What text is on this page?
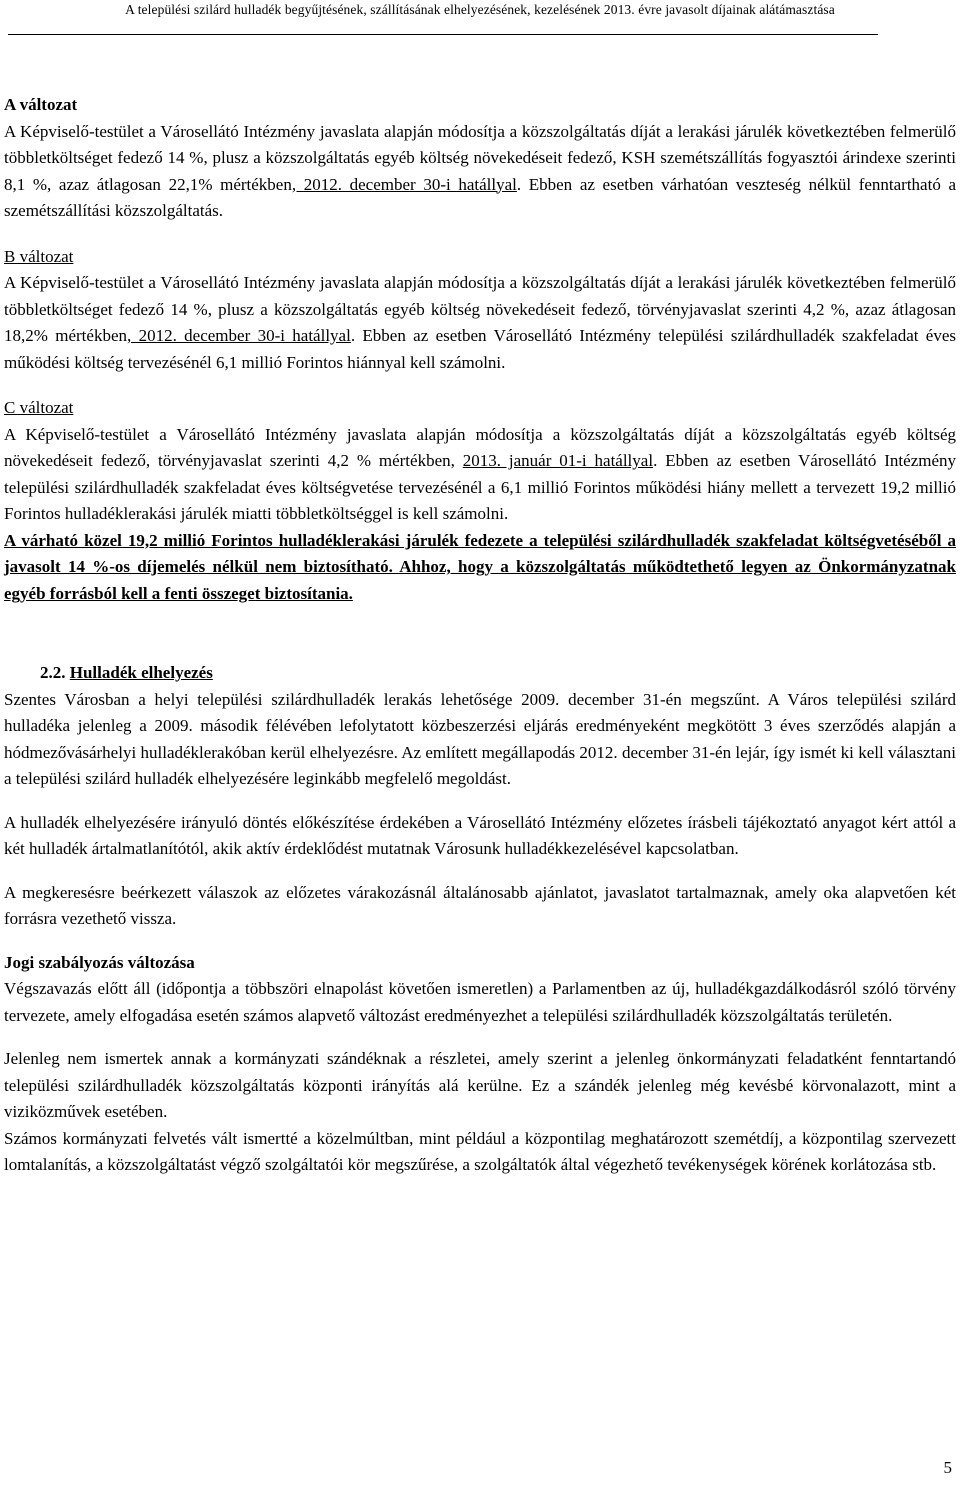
A települési szilárd hulladék begyűjtésének, szállításának elhelyezésének, kezelésének 2013. évre javasolt díjainak alátámasztása

A változat

A Képviselő-testület a Városellátó Intézmény javaslata alapján módosítja a közszolgáltatás díját a lerakási járulék következtében felmerülő többletköltséget fedező 14 %, plusz a közszolgáltatás egyéb költség növekedéseit fedező, KSH szemétszállítás fogyasztói árindexe szerinti 8,1 %, azaz átlagosan 22,1% mértékben, 2012. december 30-i hatállyal. Ebben az esetben várhatóan veszteség nélkül fenntartható a szemétszállítási közszolgáltatás.

B változat

A Képviselő-testület a Városellátó Intézmény javaslata alapján módosítja a közszolgáltatás díját a lerakási járulék következtében felmerülő többletköltséget fedező 14 %, plusz a közszolgáltatás egyéb költség növekedéseit fedező, törvényjavaslat szerinti 4,2 %, azaz átlagosan 18,2% mértékben, 2012. december 30-i hatállyal. Ebben az esetben Városellátó Intézmény települési szilárdhulladék szakfeladat éves működési költség tervezésénél 6,1 millió Forintos hiánnyal kell számolni.

C változat

A Képviselő-testület a Városellátó Intézmény javaslata alapján módosítja a közszolgáltatás díját a közszolgáltatás egyéb költség növekedéseit fedező, törvényjavaslat szerinti 4,2 % mértékben, 2013. január 01-i hatállyal. Ebben az esetben Városellátó Intézmény települési szilárdhulladék szakfeladat éves költségvetése tervezésénél a 6,1 millió Forintos működési hiány mellett a tervezett 19,2 millió Forintos hulladéklerakási járulék miatti többletköltséggel is kell számolni.

A várható közel 19,2 millió Forintos hulladéklerakási járulék fedezete a települési szilárdhulladék szakfeladat költségvetéséből a javasolt 14 %-os díjemelés nélkül nem biztosítható. Ahhoz, hogy a közszolgáltatás működtethető legyen az Önkormányzatnak egyéb forrásból kell a fenti összeget biztosítania.

2.2. Hulladék elhelyezés

Szentes Városban a helyi települési szilárdhulladék lerakás lehetősége 2009. december 31-én megszűnt. A Város települési szilárd hulladéka jelenleg a 2009. második félévében lefolytatott közbeszerzési eljárás eredményeként megkötött 3 éves szerződés alapján a hódmezővásárhelyi hulladéklerakóban kerül elhelyezésre. Az említett megállapodás 2012. december 31-én lejár, így ismét ki kell választani a települési szilárd hulladék elhelyezésére leginkább megfelelő megoldást.

A hulladék elhelyezésére irányuló döntés előkészítése érdekében a Városellátó Intézmény előzetes írásbeli tájékoztató anyagot kért attól a két hulladék ártalmatlanítótól, akik aktív érdeklődést mutatnak Városunk hulladékkezelésével kapcsolatban.

A megkeresésre beérkezett válaszok az előzetes várakozásnál általánosabb ajánlatot, javaslatot tartalmaznak, amely oka alapvetően két forrásra vezethető vissza.

Jogi szabályozás változása

Végszavazás előtt áll (időpontja a többszöri elnapolást követően ismeretlen) a Parlamentben az új, hulladékgazdálkodásról szóló törvény tervezete, amely elfogadása esetén számos alapvető változást eredményezhet a települési szilárdhulladék közszolgáltatás területén.

Jelenleg nem ismertek annak a kormányzati szándéknak a részletei, amely szerint a jelenleg önkormányzati feladatként fenntartandó települési szilárdhulladék közszolgáltatás központi irányítás alá kerülne. Ez a szándék jelenleg még kevésbé körvonalazott, mint a viziközművek esetében.

Számos kormányzati felvetés vált ismertté a közelmúltban, mint például a központilag meghatározott szemétdíj, a központilag szervezett lomtalanítás, a közszolgáltatást végző szolgáltatói kör megszűrése, a szolgáltatók által végezhető tevékenységek körének korlátozása stb.

5
